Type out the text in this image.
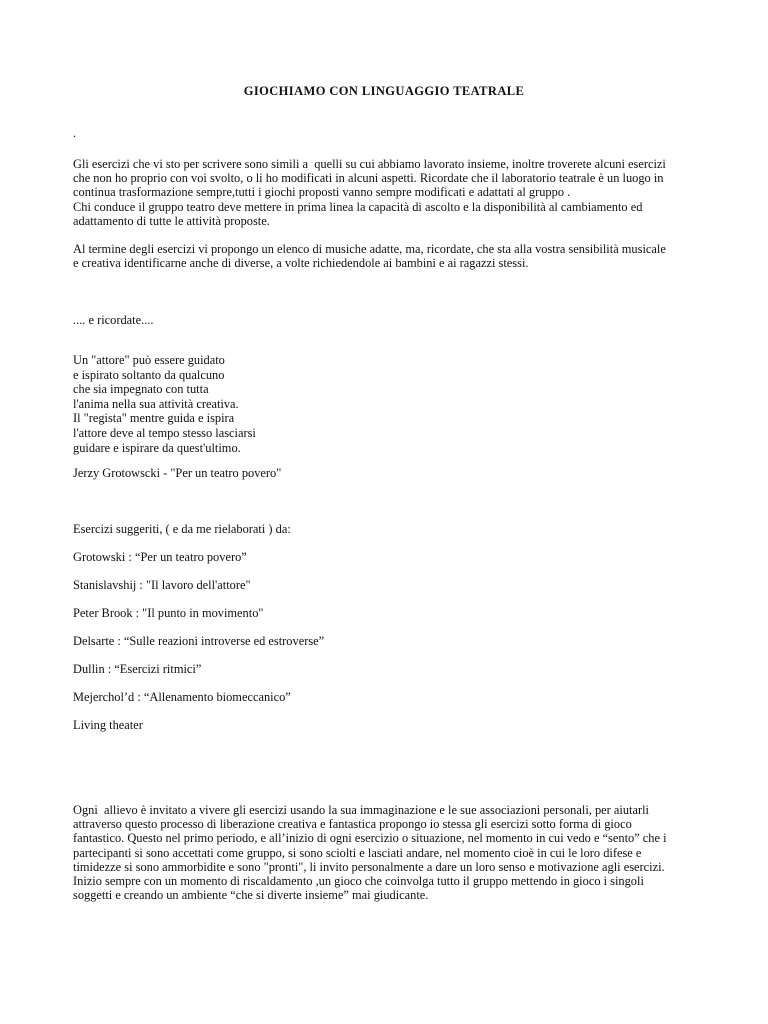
GIOCHIAMO CON LINGUAGGIO TEATRALE
.
Gli esercizi che vi sto per scrivere sono simili a  quelli su cui abbiamo lavorato insieme, inoltre troverete alcuni esercizi
che non ho proprio con voi svolto, o li ho modificati in alcuni aspetti. Ricordate che il laboratorio teatrale è un luogo in
continua trasformazione sempre,tutti i giochi proposti vanno sempre modificati e adattati al gruppo .
Chi conduce il gruppo teatro deve mettere in prima linea la capacità di ascolto e la disponibilità al cambiamento ed
adattamento di tutte le attività proposte.
Al termine degli esercizi vi propongo un elenco di musiche adatte, ma, ricordate, che sta alla vostra sensibilità musicale
e creativa identificarne anche di diverse, a volte richiedendole ai bambini e ai ragazzi stessi.
.... e ricordate....
Un "attore" può essere guidato
e ispirato soltanto da qualcuno
che sia impegnato con tutta
l'anima nella sua attività creativa.
Il "regista" mentre guida e ispira
l'attore deve al tempo stesso lasciarsi
guidare e ispirare da quest'ultimo.
Jerzy Grotowscki - "Per un teatro povero"
Esercizi suggeriti, ( e da me rielaborati ) da:
Grotowski : “Per un teatro povero”
Stanislavshij : "Il lavoro dell'attore"
Peter Brook : "Il punto in movimento"
Delsarte : “Sulle reazioni introverse ed estroverse”
Dullin : “Esercizi ritmici”
Mejerchol’d : “Allenamento biomeccanico”
Living theater
Ogni  allievo è invitato a vivere gli esercizi usando la sua immaginazione e le sue associazioni personali, per aiutarli
attraverso questo processo di liberazione creativa e fantastica propongo io stessa gli esercizi sotto forma di gioco
fantastico. Questo nel primo periodo, e all’inizio di ogni esercizio o situazione, nel momento in cui vedo e “sento” che i
partecipanti si sono accettati come gruppo, si sono sciolti e lasciati andare, nel momento cioè in cui le loro difese e
timidezze si sono ammorbidite e sono "pronti", li invito personalmente a dare un loro senso e motivazione agli esercizi.
Inizio sempre con un momento di riscaldamento ,un gioco che coinvolga tutto il gruppo mettendo in gioco i singoli
soggetti e creando un ambiente “che si diverte insieme” mai giudicante.
